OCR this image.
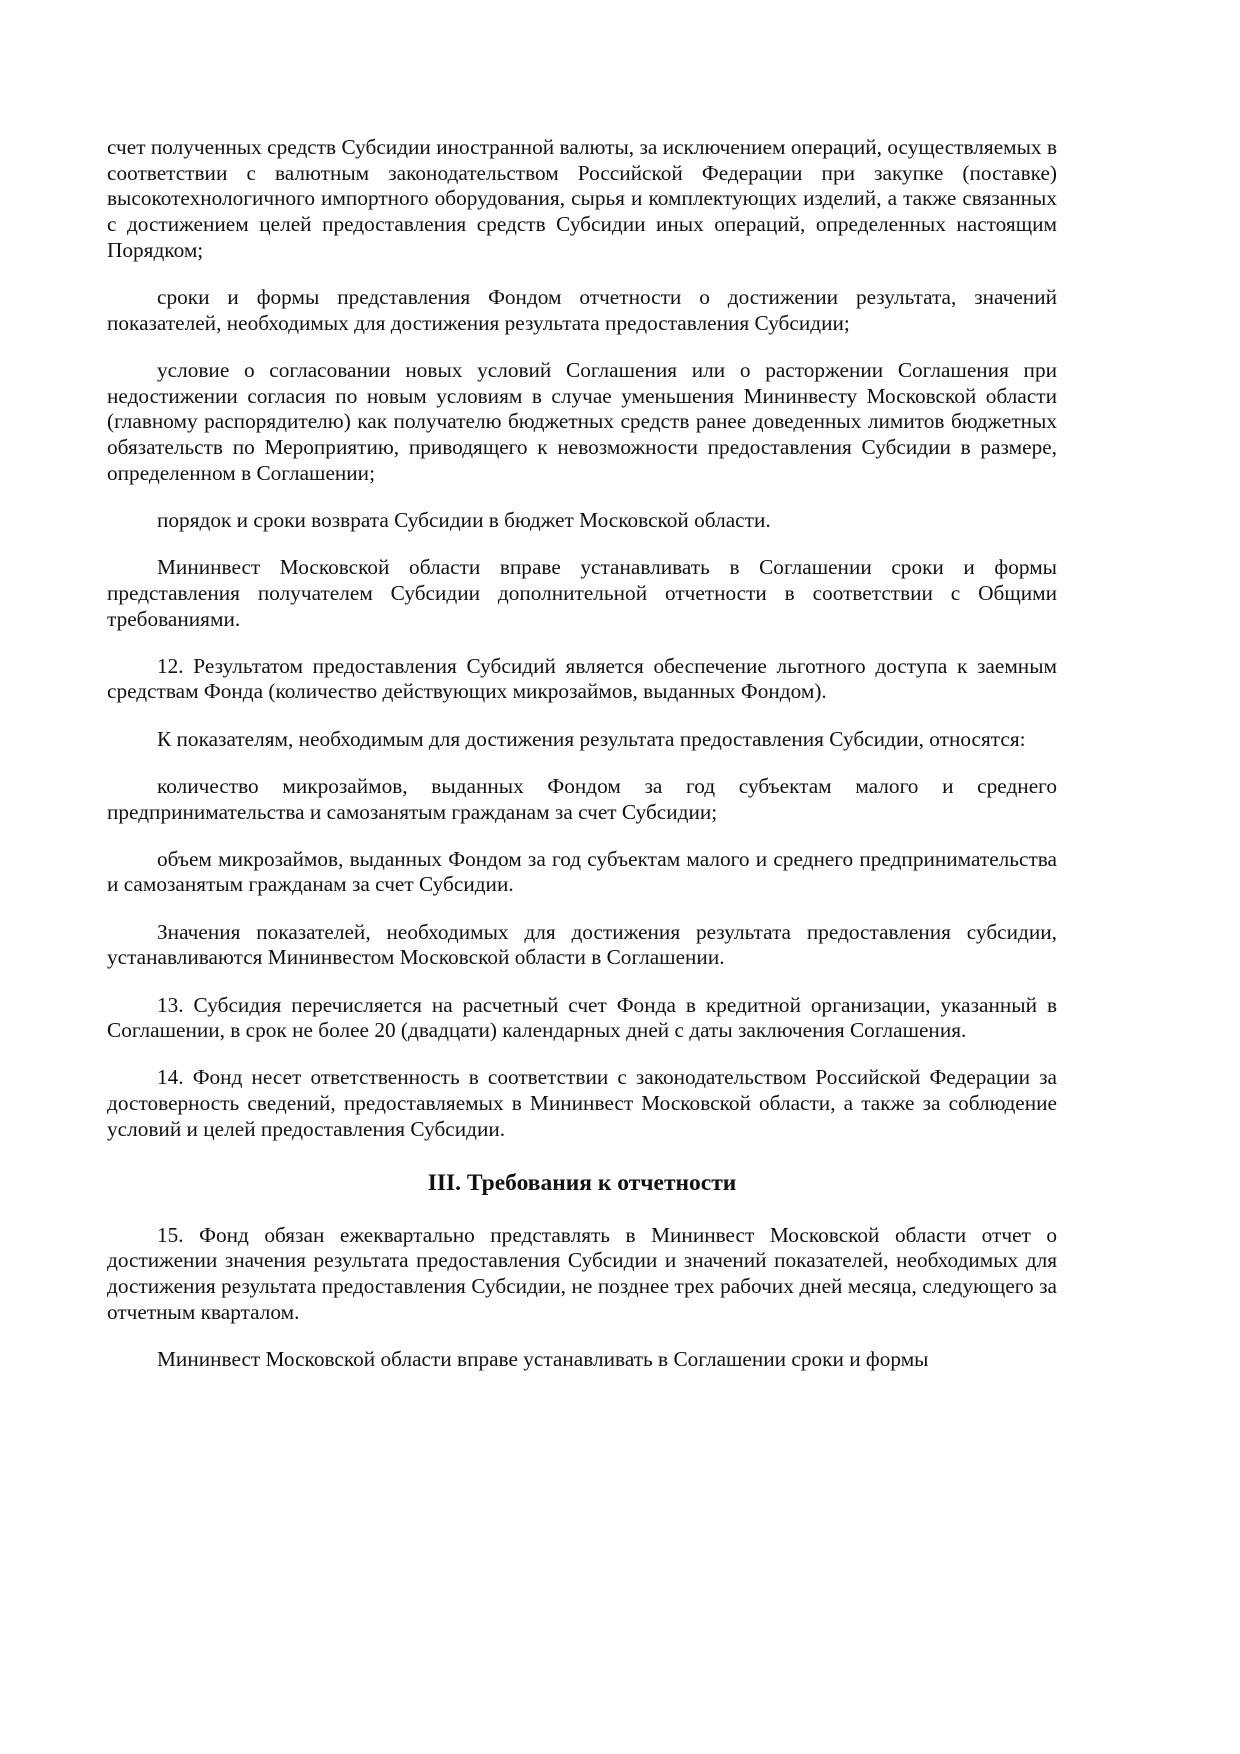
счет полученных средств Субсидии иностранной валюты, за исключением операций, осуществляемых в соответствии с валютным законодательством Российской Федерации при закупке (поставке) высокотехнологичного импортного оборудования, сырья и комплектующих изделий, а также связанных с достижением целей предоставления средств Субсидии иных операций, определенных настоящим Порядком;

сроки и формы представления Фондом отчетности о достижении результата, значений показателей, необходимых для достижения результата предоставления Субсидии;

условие о согласовании новых условий Соглашения или о расторжении Соглашения при недостижении согласия по новым условиям в случае уменьшения Мининвесту Московской области (главному распорядителю) как получателю бюджетных средств ранее доведенных лимитов бюджетных обязательств по Мероприятию, приводящего к невозможности предоставления Субсидии в размере, определенном в Соглашении;

порядок и сроки возврата Субсидии в бюджет Московской области.

Мининвест Московской области вправе устанавливать в Соглашении сроки и формы представления получателем Субсидии дополнительной отчетности в соответствии с Общими требованиями.

12. Результатом предоставления Субсидий является обеспечение льготного доступа к заемным средствам Фонда (количество действующих микрозаймов, выданных Фондом).

К показателям, необходимым для достижения результата предоставления Субсидии, относятся:

количество микрозаймов, выданных Фондом за год субъектам малого и среднего предпринимательства и самозанятым гражданам за счет Субсидии;

объем микрозаймов, выданных Фондом за год субъектам малого и среднего предпринимательства и самозанятым гражданам за счет Субсидии.

Значения показателей, необходимых для достижения результата предоставления субсидии, устанавливаются Мининвестом Московской области в Соглашении.

13. Субсидия перечисляется на расчетный счет Фонда в кредитной организации, указанный в Соглашении, в срок не более 20 (двадцати) календарных дней с даты заключения Соглашения.

14. Фонд несет ответственность в соответствии с законодательством Российской Федерации за достоверность сведений, предоставляемых в Мининвест Московской области, а также за соблюдение условий и целей предоставления Субсидии.

III. Требования к отчетности

15. Фонд обязан ежеквартально представлять в Мининвест Московской области отчет о достижении значения результата предоставления Субсидии и значений показателей, необходимых для достижения результата предоставления Субсидии, не позднее трех рабочих дней месяца, следующего за отчетным кварталом.

Мининвест Московской области вправе устанавливать в Соглашении сроки и формы
